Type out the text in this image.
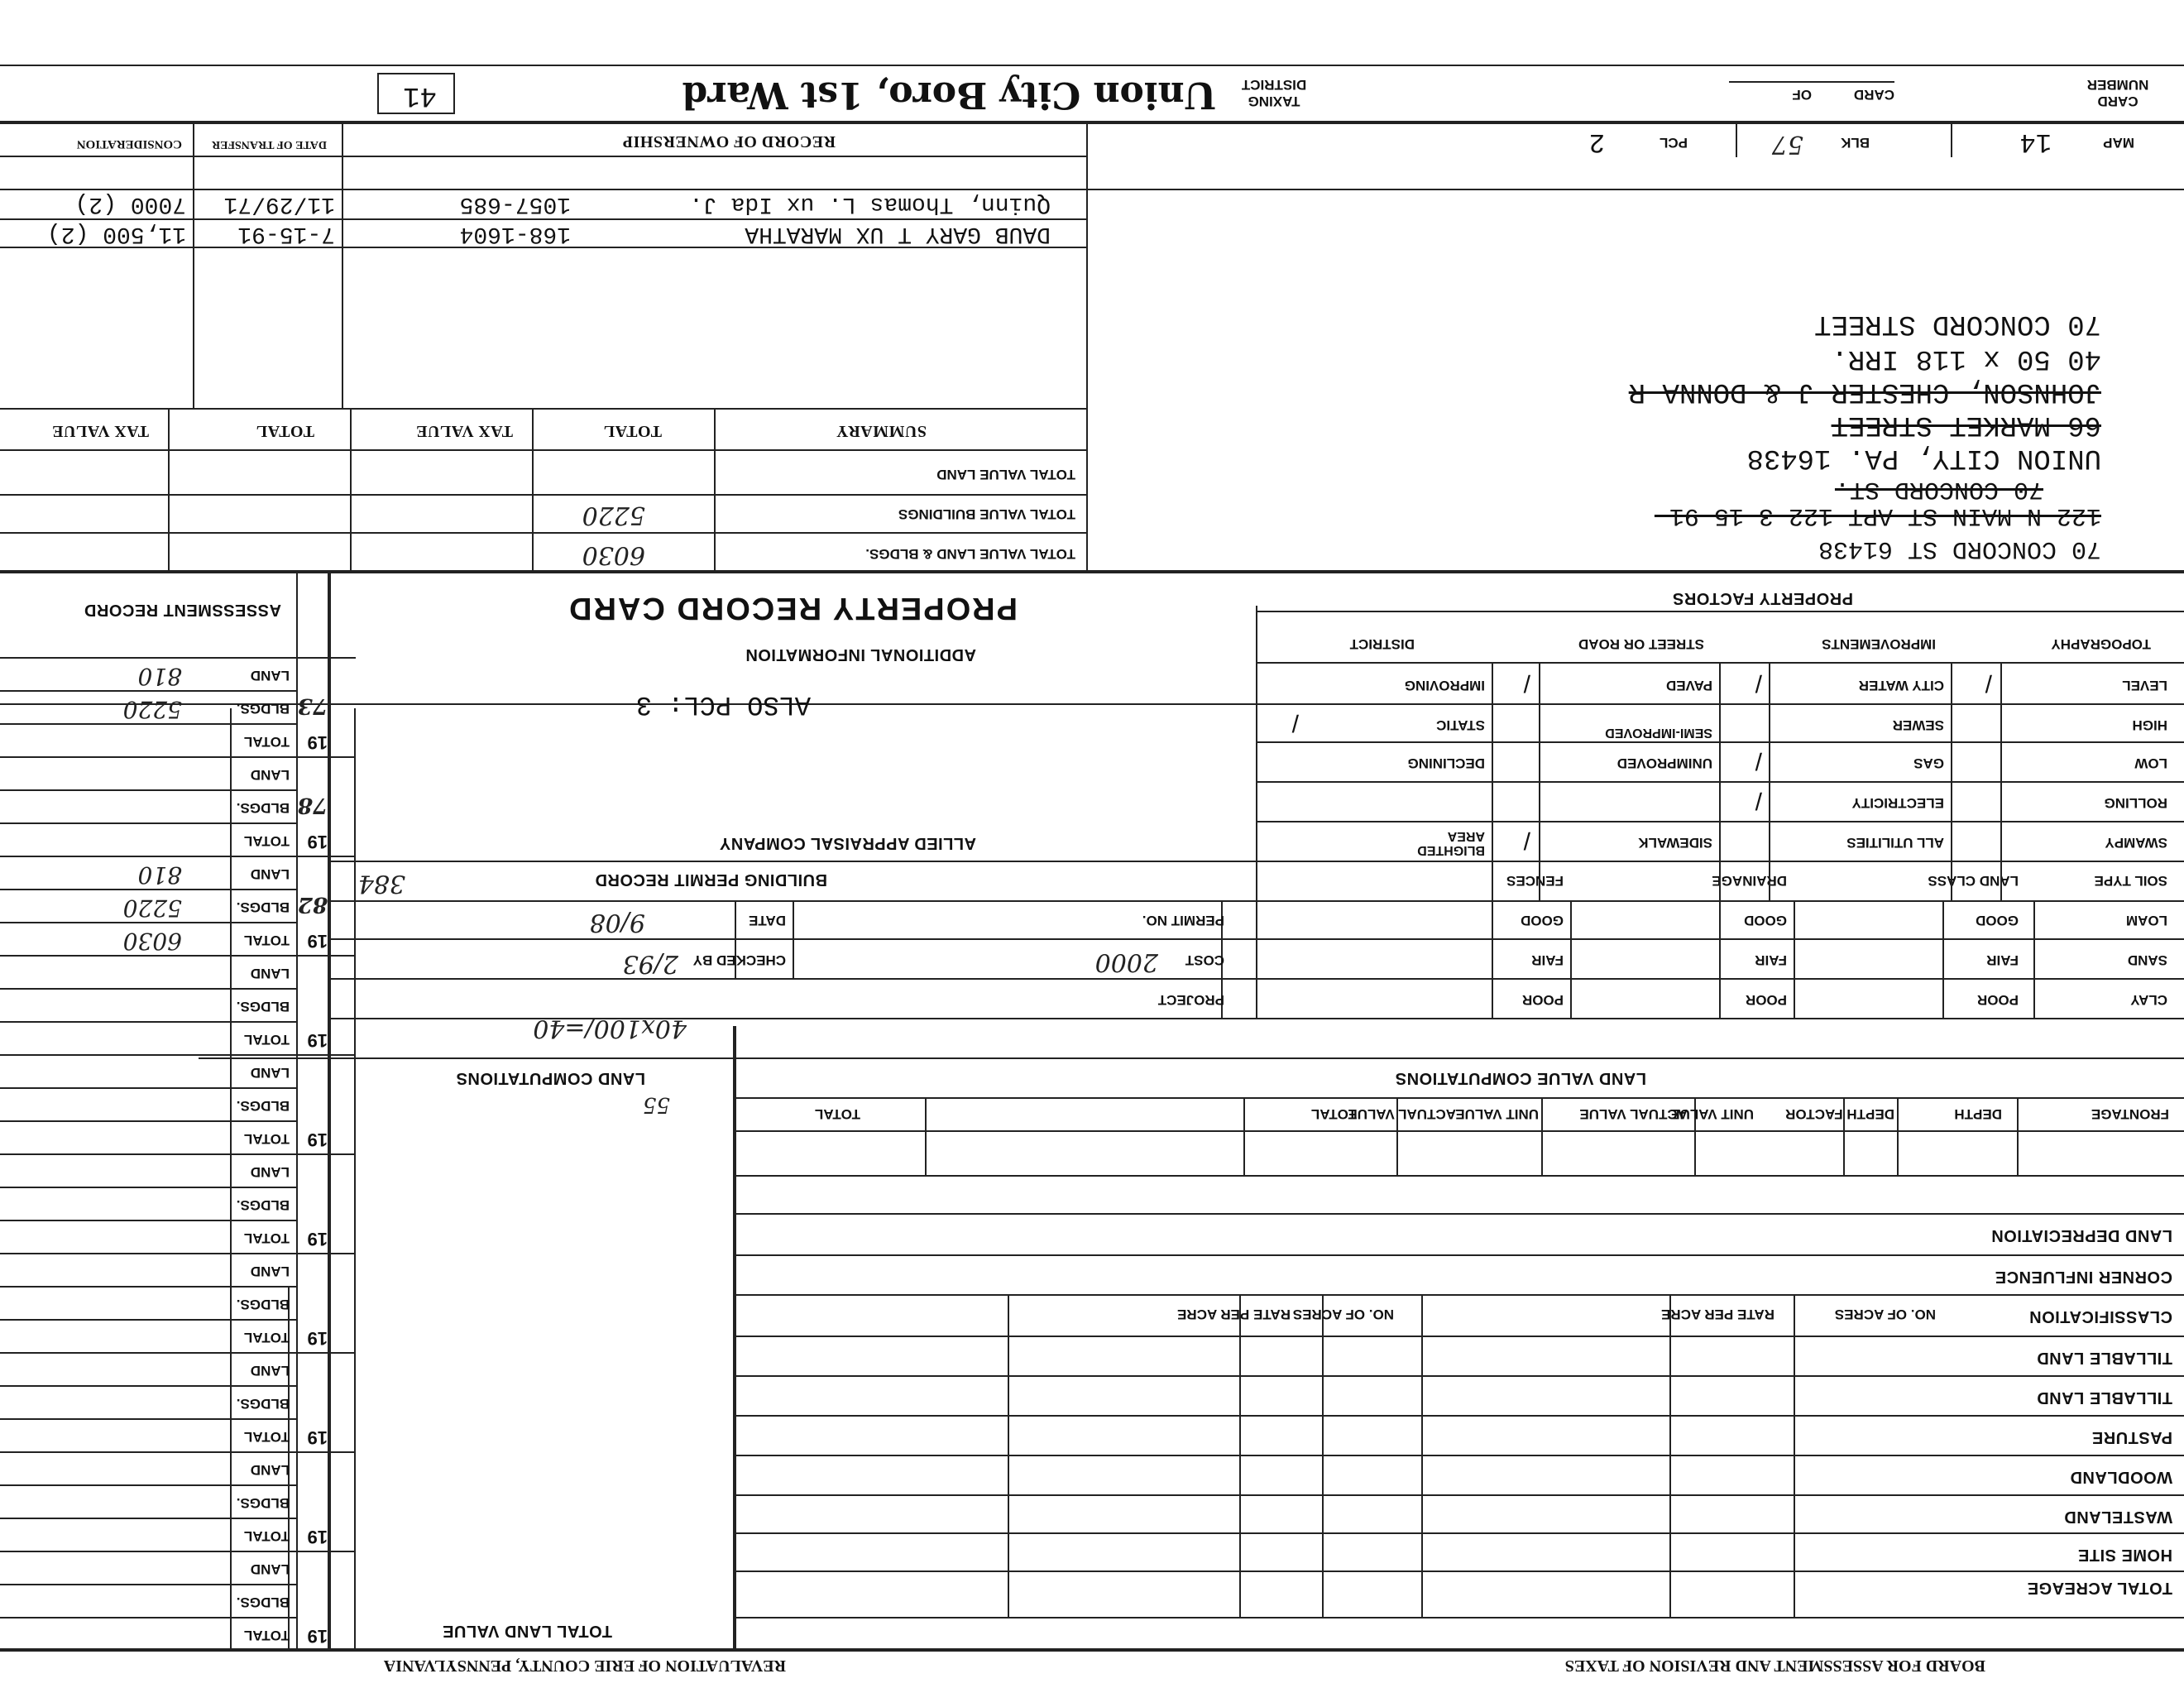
REVALUATION OF ERIE COUNTY, PENNSYLVANIA	BOARD FOR ASSESSMENT AND REVISION OF TAXES
TOTAL LAND VALUE
TOTAL ACREAGE
HOME SITE
WASTELAND
WOODLAND
PASTURE
TILLABLE LAND
TILLABLE LAND
CLASSIFICATION
NO. OF ACRES
RATE PER ACRE
NO. OF ACRES
RATE PER ACRE
CORNER INFLUENCE
LAND DEPRECIATION
FRONTAGE
DEPTH
DEPTH FACTOR
UNIT VALUE
ACTUAL VALUE
UNIT VALUE
ACTUAL VALUE
TOTAL
TOTAL
LAND VALUE COMPUTATIONS
LAND COMPUTATIONS
40x100/=40
55
CLAY
POOR
POOR
POOR
PROJECT
SAND
FAIR
FAIR
FAIR
COST
2000
LOAM
GOOD
GOOD
GOOD
PERMIT NO.
SOIL TYPE
LAND CLASS
DRAINAGE
FENCES
CHECKED BY
2/93
DATE
9/08
BUILDING PERMIT RECORD
384
SWAMPY
ROLLING
LOW
HIGH
LEVEL
TOPOGRAPHY
/
ALL UTILITIES
ELECTRICITY
GAS
SEWER
CITY WATER
IMPROVEMENTS
/
/
/
SIDEWALK
UNIMPROVED
SEMI-IMPROVED
PAVED
STREET OR ROAD
/
/
BLIGHTED AREA
DECLINING
STATIC
IMPROVING
DISTRICT
/
PROPERTY FACTORS
ALLIED APPRAISAL COMPANY
ALSO PCL: 3
ADDITIONAL INFORMATION
PROPERTY RECORD CARD
TOTAL
BLDGS.
LAND
19
TOTAL
BLDGS.
LAND
19
TOTAL
BLDGS.
LAND
19
TOTAL
BLDGS.
LAND
19
TOTAL
BLDGS.
LAND
19
TOTAL
BLDGS.
LAND
19
TOTAL
BLDGS.
LAND
19
TOTAL
BLDGS.
LAND
19
82
6030
5220
810
TOTAL
BLDGS.
LAND
19
78
TOTAL
BLDGS.
LAND
19
73
5220
810
ASSESSMENT RECORD
TOTAL VALUE LAND & BLDGS.
TOTAL VALUE BUILDINGS
TOTAL VALUE LAND
SUMMARY
TOTAL
TAX VALUE
TOTAL
TAX VALUE
6030
5220
70 CONCORD ST 61438
122 N MAIN ST APT 122-3-15-91-
70 CONCORD ST.
UNION CITY, PA. 16438
66 MARKET STREET
JOHNSON, CHESTER J & DONNA R
40 50 x 118 IRR.
70 CONCORD STREET
RECORD OF OWNERSHIP
DATE OF TRANSFER
CONSIDERATION
Quinn, Thomas L. ux Ida J.
1057-685
11/29/71
7000 (2)
DAUB GARY T UX MARATHA
168-1604
7-15-91
11,500 (2)
CARD NUMBER
CARD
OF
TAXING DISTRICT
Union City Boro, 1st Ward
41
MAP
14
BLK
57
PCL
2
